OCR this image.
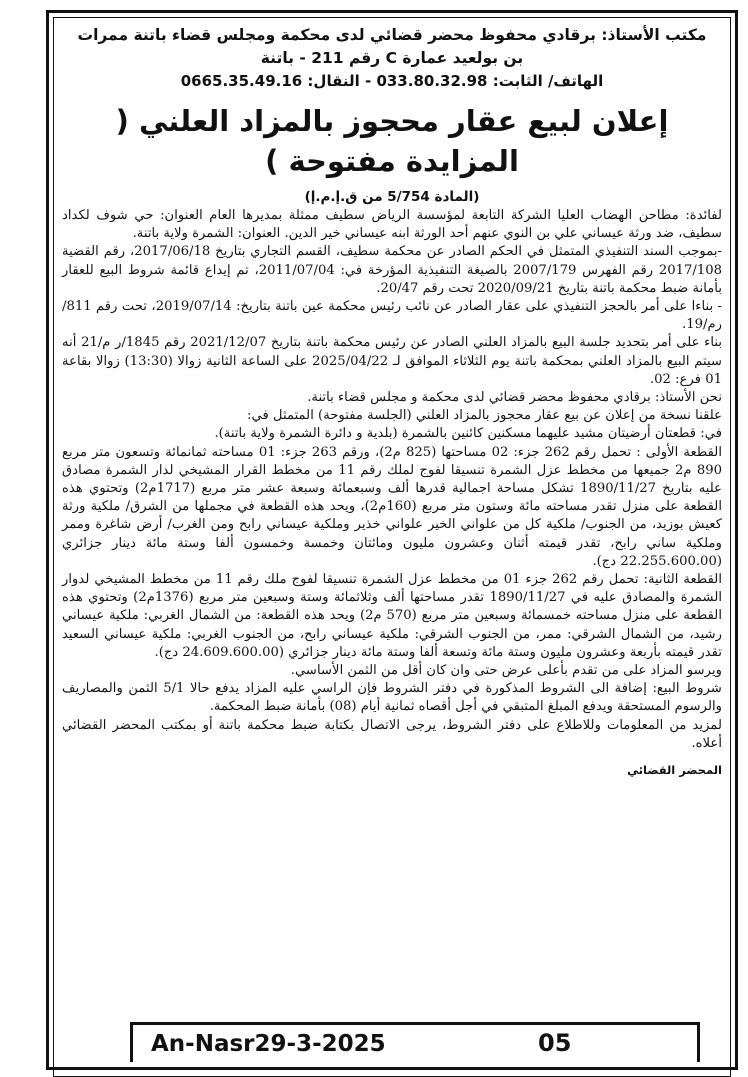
مكتب الأستاذ: برقادي محفوظ محضر قضائي لدى محكمة ومجلس قضاء باتنة ممرات

بن بولعيد عمارة C رقم 211 - باتنة

الهاتف/ الثابت: 033.80.32.98 - النقال: 0665.35.49.16

إعلان لبيع عقار محجوز بالمزاد العلني ( المزايدة مفتوحة )

(المادة 5/754 من ق.إ.م.إ)

لفائدة: مطاحن الهضاب العليا الشركة التابعة لمؤسسة الرياض سطيف ممثلة بمديرها العام العنوان: حي شوف لكداد سطيف، ضد ورثة عيساني علي بن النوي عنهم أحد الورثة ابنه عيساني خير الدين. العنوان: الشمرة ولاية باتنة.

-بموجب السند التنفيذي المتمثل في الحكم الصادر عن محكمة سطيف، القسم التجاري بتاريخ 2017/06/18، رقم القضية 2017/108 رقم الفهرس 2007/179 بالصيغة التنفيذية المؤرخة في: 2011/07/04، تم إيداع قائمة شروط البيع للعقار بأمانة ضبط محكمة باتنة بتاريخ 2020/09/21 تحت رقم 20/47.

- بناءا على أمر بالحجز التنفيذي على عقار الصادر عن نائب رئيس محكمة عين باتنة بتاريخ: 2019/07/14، تحت رقم 811/رم/19.

بناء على أمر بتحديد جلسة البيع بالمزاد العلني الصادر عن رئيس محكمة باتنة بتاريخ 2021/12/07 رقم 1845/ر م/21 أنه سيتم البيع بالمزاد العلني بمحكمة باتنة يوم الثلاثاء الموافق لـ 2025/04/22 على الساعة الثانية زوالا (13:30) زوالا بقاعة 01 فرع: 02.

نحن الأستاذ: برقادي محفوظ محضر قضائي لدى محكمة و مجلس قضاء باتنة.

علقنا نسخة من إعلان عن بيع عقار محجوز بالمزاد العلني (الجلسة مفتوحة) المتمثل في:

في: قطعتان أرضيتان مشيد عليهما مسكنين كائنين بالشمرة (بلدية و دائرة الشمرة ولاية باتنة).

القطعة الأولى : تحمل رقم 262 جزء: 02 مساحتها (825 م2)، ورقم 263 جزء: 01 مساحته ثمانمائة وتسعون متر مربع 890 م2 جميعها من مخطط عزل الشمرة تنسيقا لفوج لملك رقم 11 من مخطط القرار المشيخي لدار الشمرة مصادق عليه بتاريخ 1890/11/27 تشكل مساحة اجمالية قدرها ألف وسبعمائة وسبعة عشر متر مربع (1717م2) وتحتوي هذه القطعة على منزل تقدر مساحته مائة وستون متر مربع (160م2)، ويحد هذه القطعة في مجملها من الشرق/ ملكية ورثة كعيش بوزيد، من الجنوب/ ملكية كل من علواني الخير علواني خذير وملكية عيساني رابح ومن الغرب/ أرض شاغرة وممر وملكية ساني رابح، تقدر قيمته أثنان وعشرون مليون ومائتان وخمسة وخمسون ألفا وستة مائة دينار جزائري (22.255.600.00 دج).

القطعة الثانية: تحمل رقم 262 جزء 01 من مخطط عزل الشمرة تنسيقا لفوج ملك رقم 11 من مخطط المشيخي لدوار الشمرة والمصادق عليه في 1890/11/27 تقدر مساحتها ألف وثلاثمائة وستة وسبعين متر مربع (1376م2) وتحتوي هذه القطعة على منزل مساحته خمسمائة وسبعين متر مربع (570 م2) ويحد هذه القطعة: من الشمال الغربي: ملكية عيساني رشيد، من الشمال الشرقي: ممر، من الجنوب الشرقي: ملكية عيساني رابح، من الجنوب الغربي: ملكية عيساني السعيد تقدر قيمته بأربعة وعشرون مليون وستة مائة وتسعة ألفا وستة مائة دينار جزائري (24.609.600.00 دج).

ويرسو المزاد على من تقدم بأعلى عرض حتى وان كان أقل من الثمن الأساسي.

شروط البيع: إضافة الى الشروط المذكورة في دفتر الشروط فإن الراسي عليه المزاد يدفع حالا 5/1 الثمن والمصاريف والرسوم المستحقة ويدفع المبلغ المتبقي في أجل أقصاه ثمانية أيام (08) بأمانة ضبط المحكمة.

لمزيد من المعلومات وللاطلاع على دفتر الشروط، يرجى الاتصال بكتابة ضبط محكمة باتنة أو بمكتب المحضر القضائي أعلاه.

المحضر القضائي
An-Nasr29-3-2025	05
